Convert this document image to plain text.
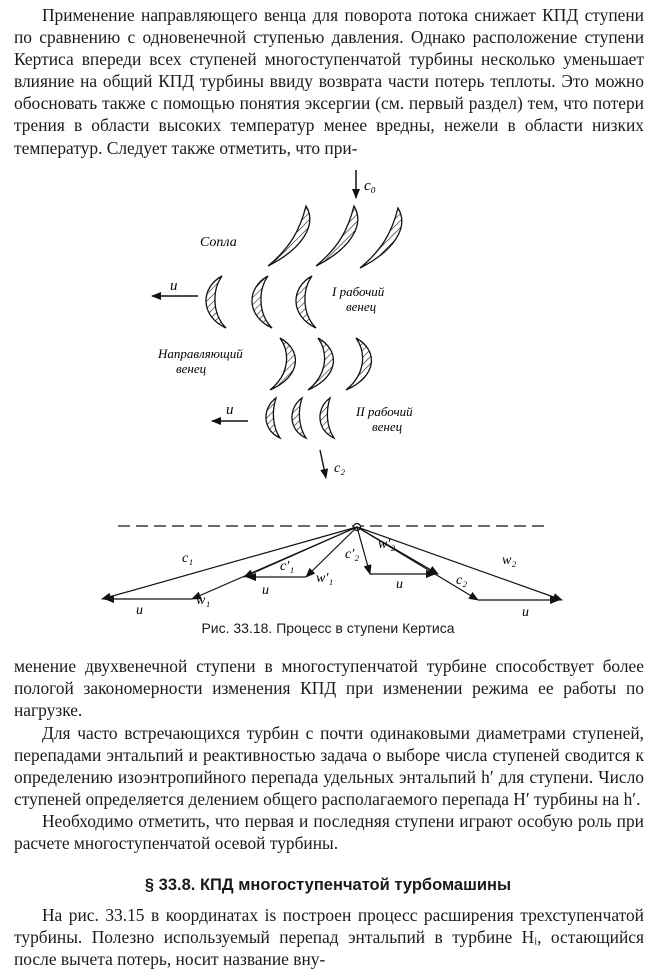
Применение направляющего венца для поворота потока снижает КПД ступени по сравнению с одновенечной ступенью давления. Однако расположение ступени Кертиса впереди всех ступеней многоступенчатой турбины несколько уменьшает влияние на общий КПД турбины ввиду возврата части потерь теплоты. Это можно обосновать также с помощью понятия эксергии (см. первый раздел) тем, что потери трения в области высоких температур менее вредны, нежели в области низких температур. Следует также отметить, что при-

c₀
Сопла
u	I рабочий
венец
Направляющий
венец
u	II рабочий
венец
c₂
c₁
w₁
u
c′₁
w′₁
u
c′₂
w′₂
u	c₂
w₂
u
Рис. 33.18. Процесс в ступени Кертиса

менение двухвенечной ступени в многоступенчатой турбине способствует более пологой закономерности изменения КПД при изменении режима ее работы по нагрузке.

Для часто встречающихся турбин с почти одинаковыми диаметрами ступеней, перепадами энтальпий и реактивностью задача о выборе числа ступеней сводится к определению изоэнтропийного перепада удельных энтальпий h′ для ступени. Число ступеней определяется делением общего располагаемого перепада H′ турбины на h′.

Необходимо отметить, что первая и последняя ступени играют особую роль при расчете многоступенчатой осевой турбины.

§ 33.8. КПД многоступенчатой турбомашины

На рис. 33.15 в координатах is построен процесс расширения трехступенчатой турбины. Полезно используемый перепад энтальпий в турбине Hᵢ, остающийся после вычета потерь, носит название вну-
